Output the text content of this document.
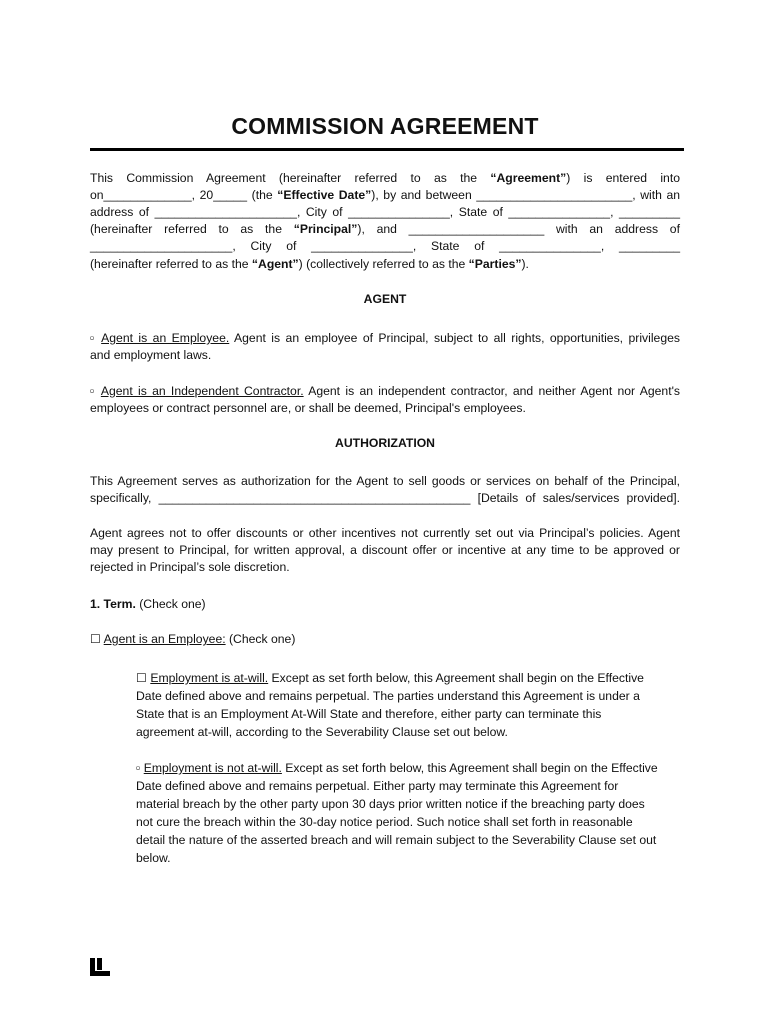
COMMISSION AGREEMENT
This Commission Agreement (hereinafter referred to as the “Agreement”) is entered into
on_____________, 20_____ (the “Effective Date”), by and between _______________________, with an
address of _____________________, City of _______________, State of _______________, _________
(hereinafter referred to as the “Principal”), and ____________________ with an address of
_____________________, City of _______________, State of _______________, _________
(hereinafter referred to as the “Agent”) (collectively referred to as the “Parties”).
AGENT
▫ Agent is an Employee. Agent is an employee of Principal, subject to all rights, opportunities, privileges
and employment laws.
▫ Agent is an Independent Contractor. Agent is an independent contractor, and neither Agent nor Agent's
employees or contract personnel are, or shall be deemed, Principal's employees.
AUTHORIZATION
This Agreement serves as authorization for the Agent to sell goods or services on behalf of the Principal,
specifically, ______________________________________________ [Details of sales/services provided].
Agent agrees not to offer discounts or other incentives not currently set out via Principal’s policies. Agent
may present to Principal, for written approval, a discount offer or incentive at any time to be approved or
rejected in Principal’s sole discretion.
1. Term. (Check one)
☐ Agent is an Employee: (Check one)
☐ Employment is at-will. Except as set forth below, this Agreement shall begin on the Effective
Date defined above and remains perpetual. The parties understand this Agreement is under a
State that is an Employment At-Will State and therefore, either party can terminate this
agreement at-will, according to the Severability Clause set out below.
▫ Employment is not at-will. Except as set forth below, this Agreement shall begin on the Effective
Date defined above and remains perpetual. Either party may terminate this Agreement for
material breach by the other party upon 30 days prior written notice if the breaching party does
not cure the breach within the 30-day notice period. Such notice shall set forth in reasonable
detail the nature of the asserted breach and will remain subject to the Severability Clause set out
below.
